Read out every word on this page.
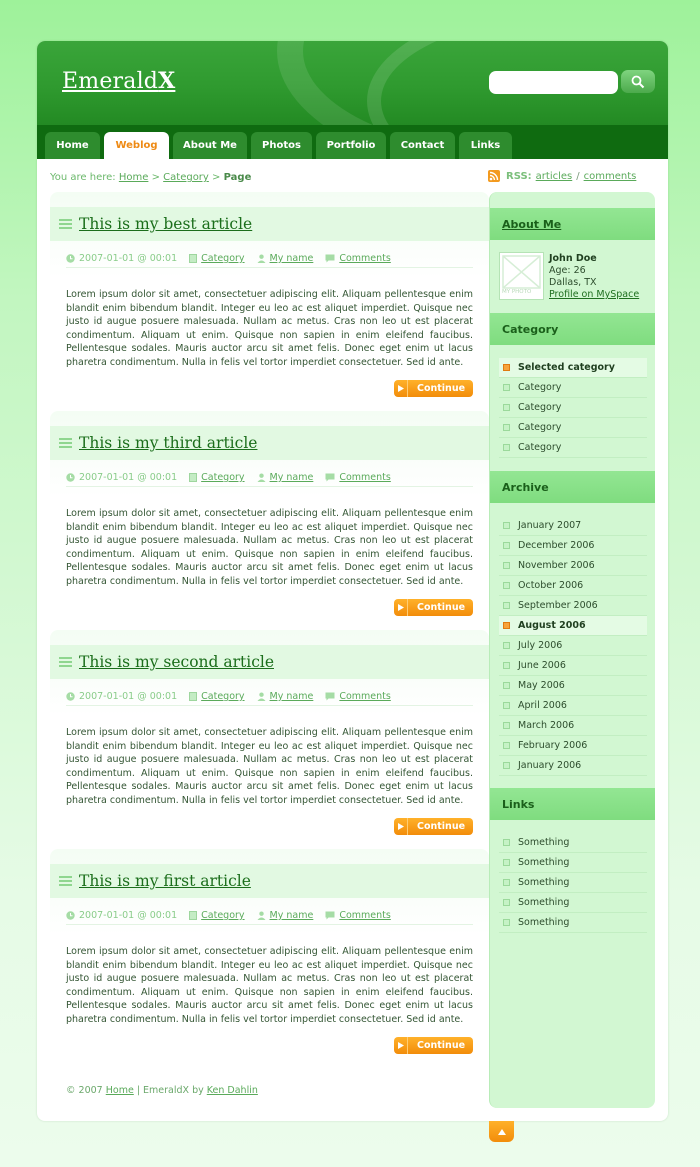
EmeraldX
Home	Weblog	About Me	Photos	Portfolio	Contact	Links
You are here: Home > Category > Page	RSS: articles / comments
This is my best article
2007-01-01 @ 00:01	Category	My name	Comments

Lorem ipsum dolor sit amet, consectetuer adipiscing elit. Aliquam pellentesque enim blandit enim bibendum blandit. Integer eu leo ac est aliquet imperdiet. Quisque nec justo id augue posuere malesuada. Nullam ac metus. Cras non leo ut est placerat condimentum. Aliquam ut enim. Quisque non sapien in enim eleifend faucibus. Pellentesque sodales. Mauris auctor arcu sit amet felis. Donec eget enim ut lacus pharetra condimentum. Nulla in felis vel tortor imperdiet consectetuer. Sed id ante.

Continue
This is my third article
2007-01-01 @ 00:01	Category	My name	Comments

Lorem ipsum dolor sit amet, consectetuer adipiscing elit. Aliquam pellentesque enim blandit enim bibendum blandit. Integer eu leo ac est aliquet imperdiet. Quisque nec justo id augue posuere malesuada. Nullam ac metus. Cras non leo ut est placerat condimentum. Aliquam ut enim. Quisque non sapien in enim eleifend faucibus. Pellentesque sodales. Mauris auctor arcu sit amet felis. Donec eget enim ut lacus pharetra condimentum. Nulla in felis vel tortor imperdiet consectetuer. Sed id ante.

Continue
This is my second article
2007-01-01 @ 00:01	Category	My name	Comments

Lorem ipsum dolor sit amet, consectetuer adipiscing elit. Aliquam pellentesque enim blandit enim bibendum blandit. Integer eu leo ac est aliquet imperdiet. Quisque nec justo id augue posuere malesuada. Nullam ac metus. Cras non leo ut est placerat condimentum. Aliquam ut enim. Quisque non sapien in enim eleifend faucibus. Pellentesque sodales. Mauris auctor arcu sit amet felis. Donec eget enim ut lacus pharetra condimentum. Nulla in felis vel tortor imperdiet consectetuer. Sed id ante.

Continue
This is my first article
2007-01-01 @ 00:01	Category	My name	Comments

Lorem ipsum dolor sit amet, consectetuer adipiscing elit. Aliquam pellentesque enim blandit enim bibendum blandit. Integer eu leo ac est aliquet imperdiet. Quisque nec justo id augue posuere malesuada. Nullam ac metus. Cras non leo ut est placerat condimentum. Aliquam ut enim. Quisque non sapien in enim eleifend faucibus. Pellentesque sodales. Mauris auctor arcu sit amet felis. Donec eget enim ut lacus pharetra condimentum. Nulla in felis vel tortor imperdiet consectetuer. Sed id ante.

Continue
© 2007 Home | EmeraldX by Ken Dahlin
About Me
MY PHOTO
John Doe
Age: 26
Dallas, TX
Profile on MySpace
Category
Selected category
Category
Category
Category
Category
Archive
January 2007
December 2006
November 2006
October 2006
September 2006
August 2006
July 2006
June 2006
May 2006
April 2006
March 2006
February 2006
January 2006
Links
Something
Something
Something
Something
Something
